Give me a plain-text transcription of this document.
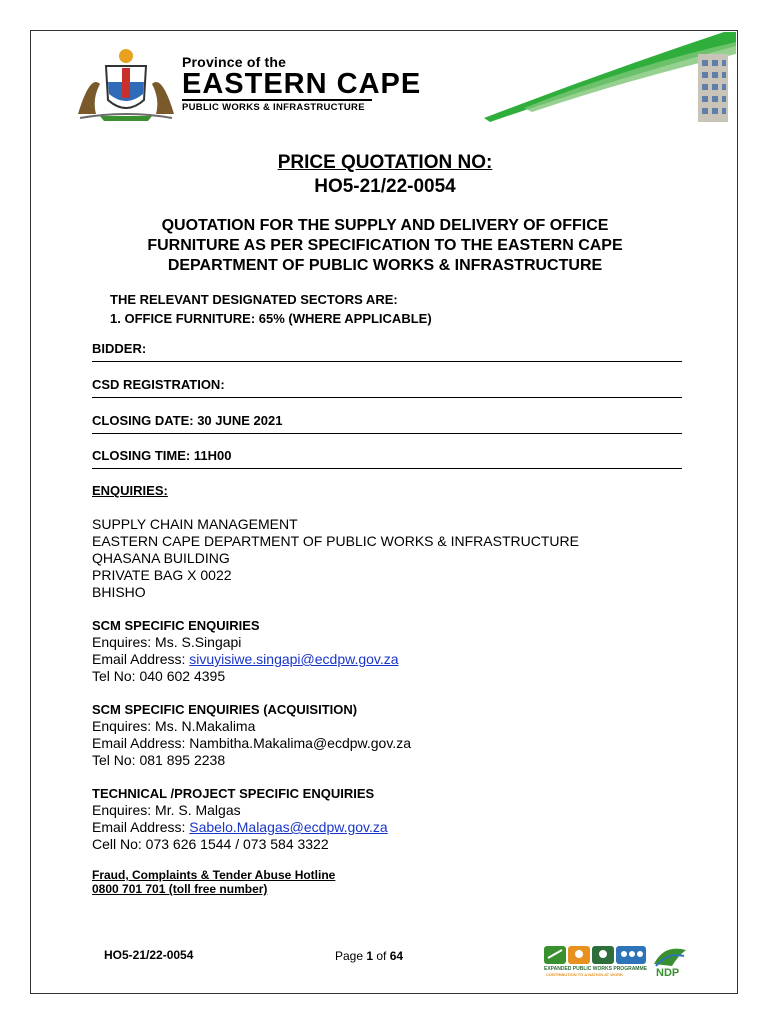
Province of the
EASTERN CAPE
PUBLIC WORKS & INFRASTRUCTURE
PRICE QUOTATION NO:
HO5-21/22-0054
QUOTATION FOR THE SUPPLY AND DELIVERY OF OFFICE
FURNITURE AS PER SPECIFICATION TO THE EASTERN CAPE
DEPARTMENT OF PUBLIC WORKS & INFRASTRUCTURE
THE RELEVANT DESIGNATED SECTORS ARE:
1. OFFICE FURNITURE: 65% (WHERE APPLICABLE)
BIDDER:
CSD REGISTRATION:
CLOSING DATE: 30 JUNE 2021
CLOSING TIME: 11H00
ENQUIRIES:
SUPPLY CHAIN MANAGEMENT
EASTERN CAPE DEPARTMENT OF PUBLIC WORKS & INFRASTRUCTURE
QHASANA BUILDING
PRIVATE BAG X 0022
BHISHO
SCM SPECIFIC ENQUIRIES
Enquires: Ms. S.Singapi
Email Address: sivuyisiwe.singapi@ecdpw.gov.za
Tel No: 040 602 4395
SCM SPECIFIC ENQUIRIES (ACQUISITION)
Enquires: Ms. N.Makalima
Email Address: Nambitha.Makalima@ecdpw.gov.za
Tel No: 081 895 2238
TECHNICAL /PROJECT SPECIFIC ENQUIRIES
Enquires: Mr. S. Malgas
Email Address: Sabelo.Malagas@ecdpw.gov.za
Cell No: 073 626 1544 / 073 584 3322
Fraud, Complaints & Tender Abuse Hotline
0800 701 701 (toll free number)
HO5-21/22-0054	Page 1 of 64
EXPANDED PUBLIC WORKS PROGRAMME
CONTRIBUTION TO A NATION AT WORK	NDP
